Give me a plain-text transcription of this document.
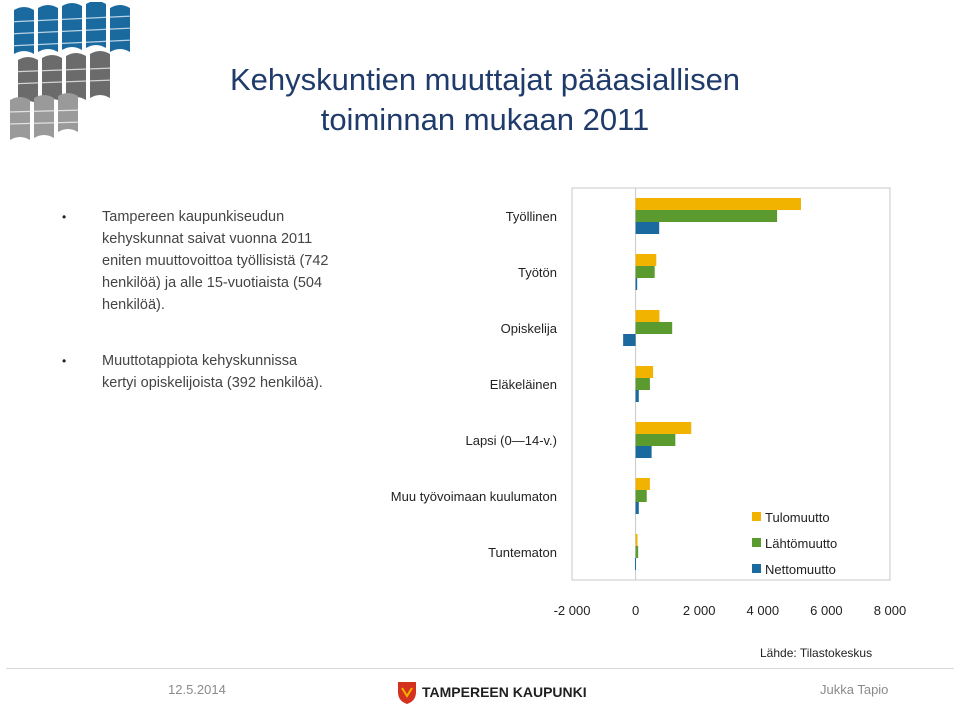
Kehyskuntien muuttajat pääasiallisen
toiminnan mukaan 2011
• Tampereen kaupunkiseudun kehyskunnat saivat vuonna 2011 eniten muuttovoittoa työllisistä (742 henkilöä) ja alle 15-vuotiaista (504 henkilöä).
• Muuttotappiota kehyskunnissa kertyi opiskelijoista (392 henkilöä).
Työllinen
Työtön
Opiskelija
Eläkeläinen
Lapsi (0—14-v.)
Muu työvoimaan kuulumaton
Tuntematon
-2 000	0	2 000 4 000 6 000 8 000
Tulomuutto
Lähtömuutto
Nettomuutto
Lähde: Tilastokeskus
12.5.2014	TAMPEREEN KAUPUNKI	Jukka Tapio
